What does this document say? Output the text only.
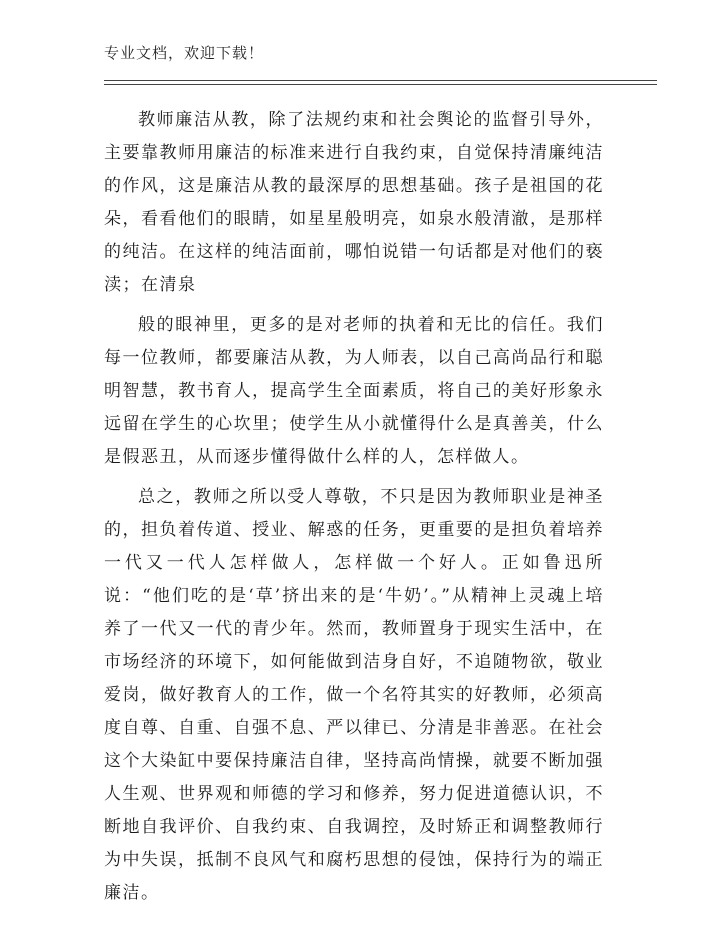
专业文档，欢迎下载！

教师廉洁从教，除了法规约束和社会舆论的监督引导外，主要靠教师用廉洁的标准来进行自我约束，自觉保持清廉纯洁的作风，这是廉洁从教的最深厚的思想基础。孩子是祖国的花朵，看看他们的眼睛，如星星般明亮，如泉水般清澈，是那样的纯洁。在这样的纯洁面前，哪怕说错一句话都是对他们的亵渎；在清泉

般的眼神里，更多的是对老师的执着和无比的信任。我们每一位教师，都要廉洁从教，为人师表，以自己高尚品行和聪明智慧，教书育人，提高学生全面素质，将自己的美好形象永远留在学生的心坎里；使学生从小就懂得什么是真善美，什么是假恶丑，从而逐步懂得做什么样的人，怎样做人。

总之，教师之所以受人尊敬，不只是因为教师职业是神圣的，担负着传道、授业、解惑的任务，更重要的是担负着培养一代又一代人怎样做人，怎样做一个好人。正如鲁迅所说：“他们吃的是‘草’挤出来的是‘牛奶’。”从精神上灵魂上培养了一代又一代的青少年。然而，教师置身于现实生活中，在市场经济的环境下，如何能做到洁身自好，不追随物欲，敬业爱岗，做好教育人的工作，做一个名符其实的好教师，必须高度自尊、自重、自强不息、严以律已、分清是非善恶。在社会这个大染缸中要保持廉洁自律，坚持高尚情操，就要不断加强人生观、世界观和师德的学习和修养，努力促进道德认识，不断地自我评价、自我约束、自我调控，及时矫正和调整教师行为中失误，抵制不良风气和腐朽思想的侵蚀，保持行为的端正廉洁。
